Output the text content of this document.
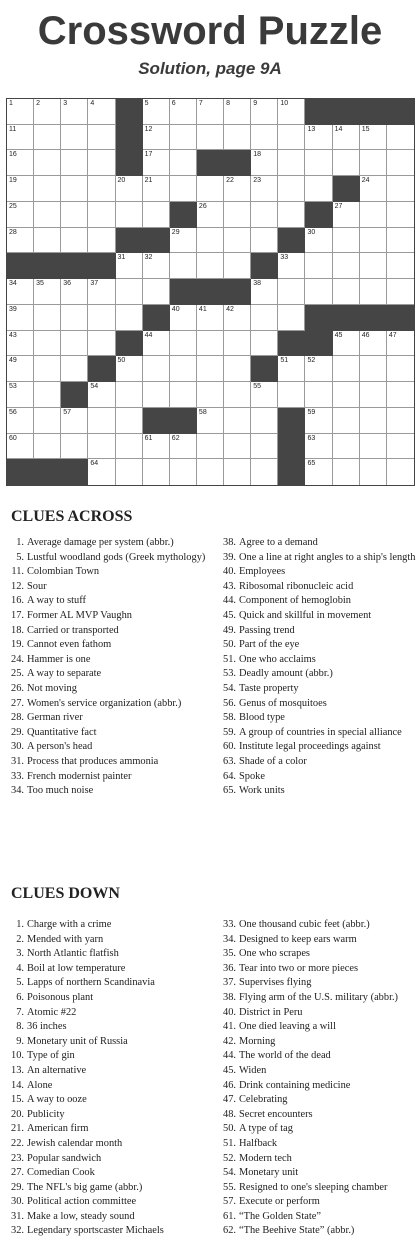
Crossword Puzzle
Solution, page 9A
1	2	3	4	5	6	7	8	9	10
11	12	13	14	15
16	17	18
19	20	21	22	23	24
25	26	27
28	29	30
31	32	33
34	35	36	37	38
39	40	41	42
43	44	45	46	47
49	50	51	52
53	54	55
56	57	58	59
60	61	62	63
64	65
CLUES ACROSS
1. Average damage per system (abbr.)
5. Lustful woodland gods (Greek mythology)
11. Colombian Town
12. Sour
16. A way to stuff
17. Former AL MVP Vaughn
18. Carried or transported
19. Cannot even fathom
24. Hammer is one
25. A way to separate
26. Not moving
27. Women's service organization (abbr.)
28. German river
29. Quantitative fact
30. A person's head
31. Process that produces ammonia
33. French modernist painter
34. Too much noise
38. Agree to a demand
39. One a line at right angles to a ship's length
40. Employees
43. Ribosomal ribonucleic acid
44. Component of hemoglobin
45. Quick and skillful in movement
49. Passing trend
50. Part of the eye
51. One who acclaims
53. Deadly amount (abbr.)
54. Taste property
56. Genus of mosquitoes
58. Blood type
59. A group of countries in special alliance
60. Institute legal proceedings against
63. Shade of a color
64. Spoke
65. Work units
CLUES DOWN
1. Charge with a crime
2. Mended with yarn
3. North Atlantic flatfish
4. Boil at low temperature
5. Lapps of northern Scandinavia
6. Poisonous plant
7. Atomic #22
8. 36 inches
9. Monetary unit of Russia
10. Type of gin
13. An alternative
14. Alone
15. A way to ooze
20. Publicity
21. American firm
22. Jewish calendar month
23. Popular sandwich
27. Comedian Cook
29. The NFL's big game (abbr.)
30. Political action committee
31. Make a low, steady sound
32. Legendary sportscaster Michaels
33. One thousand cubic feet (abbr.)
34. Designed to keep ears warm
35. One who scrapes
36. Tear into two or more pieces
37. Supervises flying
38. Flying arm of the U.S. military (abbr.)
40. District in Peru
41. One died leaving a will
42. Morning
44. The world of the dead
45. Widen
46. Drink containing medicine
47. Celebrating
48. Secret encounters
50. A type of tag
51. Halfback
52. Modern tech
54. Monetary unit
55. Resigned to one's sleeping chamber
57. Execute or perform
61. “The Golden State”
62. “The Beehive State” (abbr.)
